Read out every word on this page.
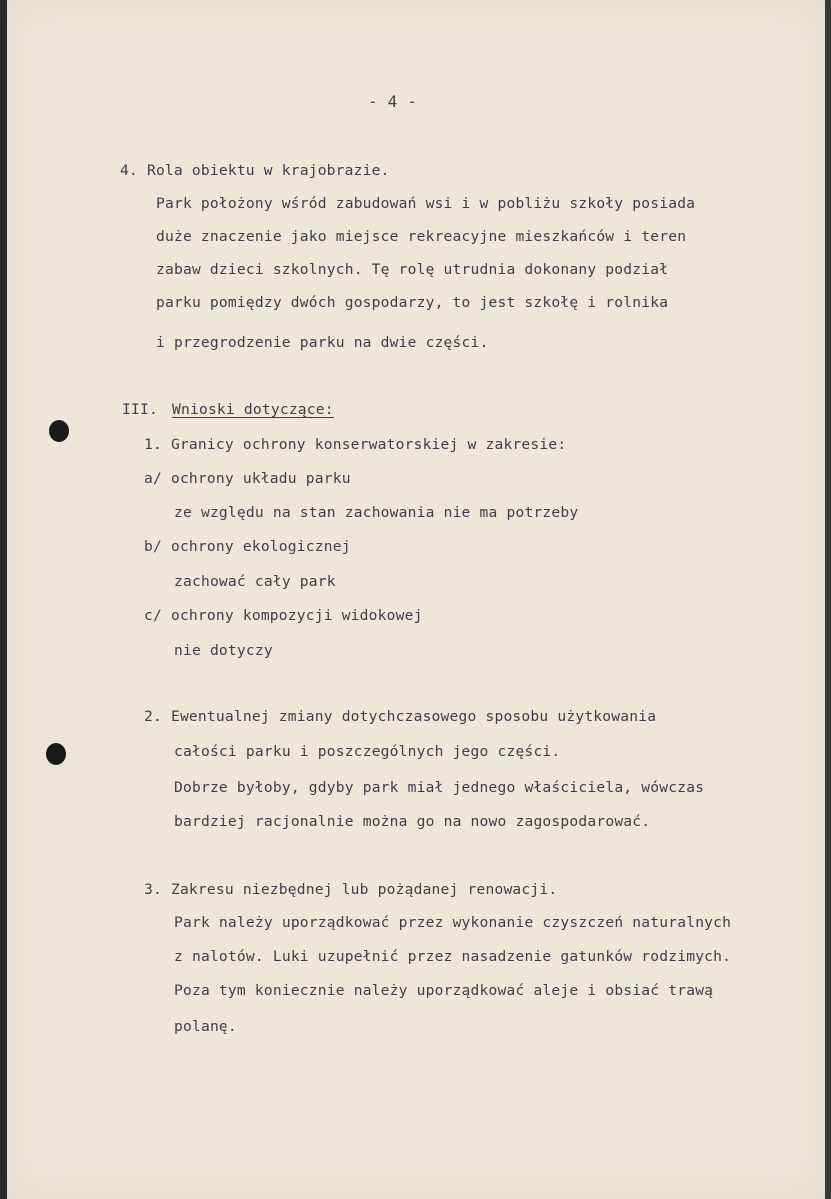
- 4 -
4. Rola obiektu w krajobrazie.
Park położony wśród zabudowań wsi i w pobliżu szkoły posiada
duże znaczenie jako miejsce rekreacyjne mieszkańców i teren
zabaw dzieci szkolnych. Tę rolę utrudnia dokonany podział
parku pomiędzy dwóch gospodarzy, to jest szkołę i rolnika
i przegrodzenie parku na dwie części.
III. Wnioski dotyczące:
1. Granicy ochrony konserwatorskiej w zakresie:
a/ ochrony układu parku
ze względu na stan zachowania nie ma potrzeby
b/ ochrony ekologicznej
zachować cały park
c/ ochrony kompozycji widokowej
nie dotyczy
2. Ewentualnej zmiany dotychczasowego sposobu użytkowania
całości parku i poszczególnych jego części.
Dobrze byłoby, gdyby park miał jednego właściciela, wówczas
bardziej racjonalnie można go na nowo zagospodarować.
3. Zakresu niezbędnej lub pożądanej renowacji.
Park należy uporządkować przez wykonanie czyszczeń naturalnych
z nalotów. Luki uzupełnić przez nasadzenie gatunków rodzimych.
Poza tym koniecznie należy uporządkować aleje i obsiać trawą
polanę.
